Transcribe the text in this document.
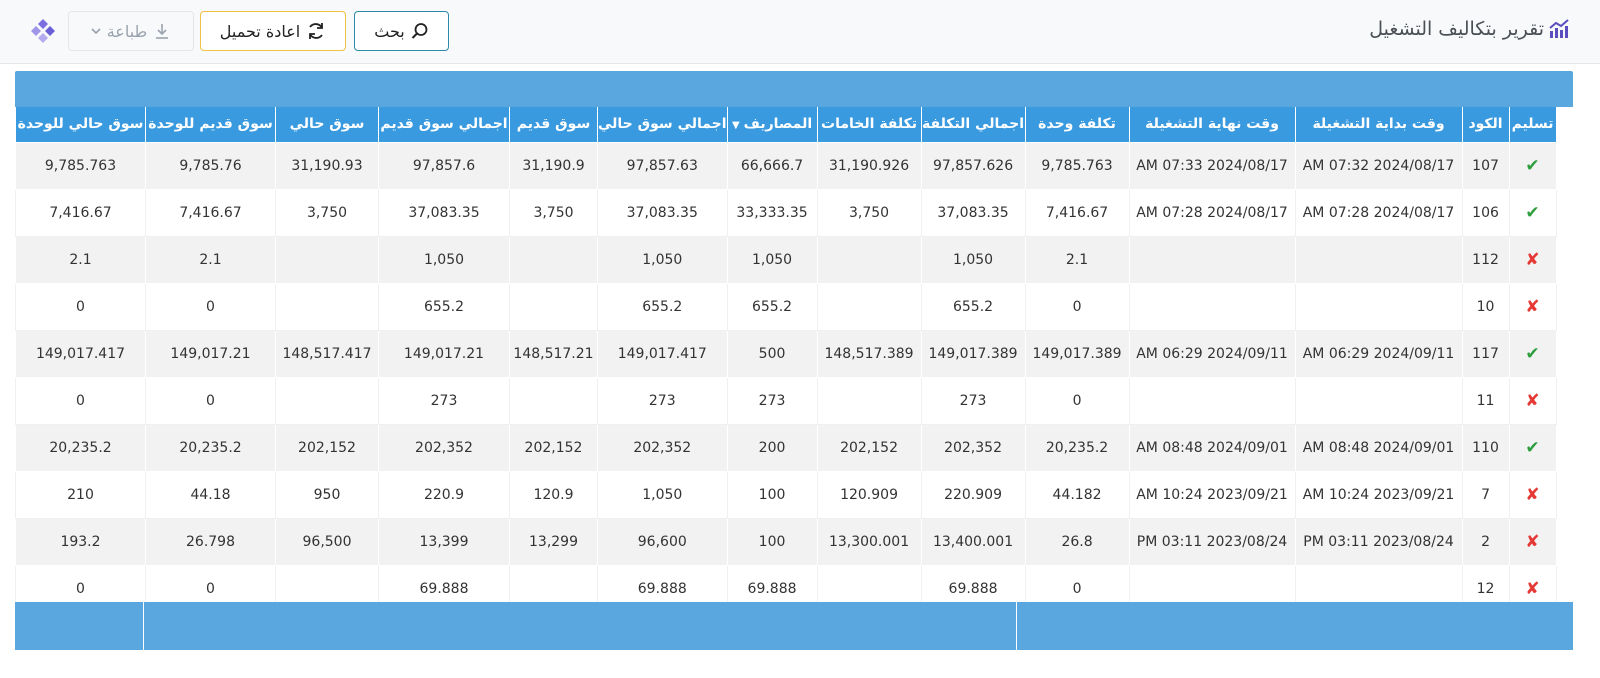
تقرير بتكاليف التشغيل
بحث
اعادة تحميل
طباعة
تسليم	الكود	وقت بداية التشغيلة	وقت نهاية التشغيلة	تكلفة وحدة	اجمالي التكلفة	تكلفة الخامات	المصاريف▼	اجمالي سوق حالي	سوق قديم	اجمالي سوق قديم	سوق حالي	سوق قديم للوحدة	سوق حالي للوحدة
✔	107	AM 07:32 2024/08/17	AM 07:33 2024/08/17	9,785.763	97,857.626	31,190.926	66,666.7	97,857.63	31,190.9	97,857.6	31,190.93	9,785.76	9,785.763
✔	106	AM 07:28 2024/08/17	AM 07:28 2024/08/17	7,416.67	37,083.35	3,750	33,333.35	37,083.35	3,750	37,083.35	3,750	7,416.67	7,416.67
✘	112			2.1	1,050		1,050	1,050		1,050		2.1	2.1
✘	10			0	655.2		655.2	655.2		655.2		0	0
✔	117	AM 06:29 2024/09/11	AM 06:29 2024/09/11	149,017.389	149,017.389	148,517.389	500	149,017.417	148,517.21	149,017.21	148,517.417	149,017.21	149,017.417
✘	11			0	273		273	273		273		0	0
✔	110	AM 08:48 2024/09/01	AM 08:48 2024/09/01	20,235.2	202,352	202,152	200	202,352	202,152	202,352	202,152	20,235.2	20,235.2
✘	7	AM 10:24 2023/09/21	AM 10:24 2023/09/21	44.182	220.909	120.909	100	1,050	120.9	220.9	950	44.18	210
✘	2	PM 03:11 2023/08/24	PM 03:11 2023/08/24	26.8	13,400.001	13,300.001	100	96,600	13,299	13,399	96,500	26.798	193.2
✘	12			0	69.888		69.888	69.888		69.888		0	0
